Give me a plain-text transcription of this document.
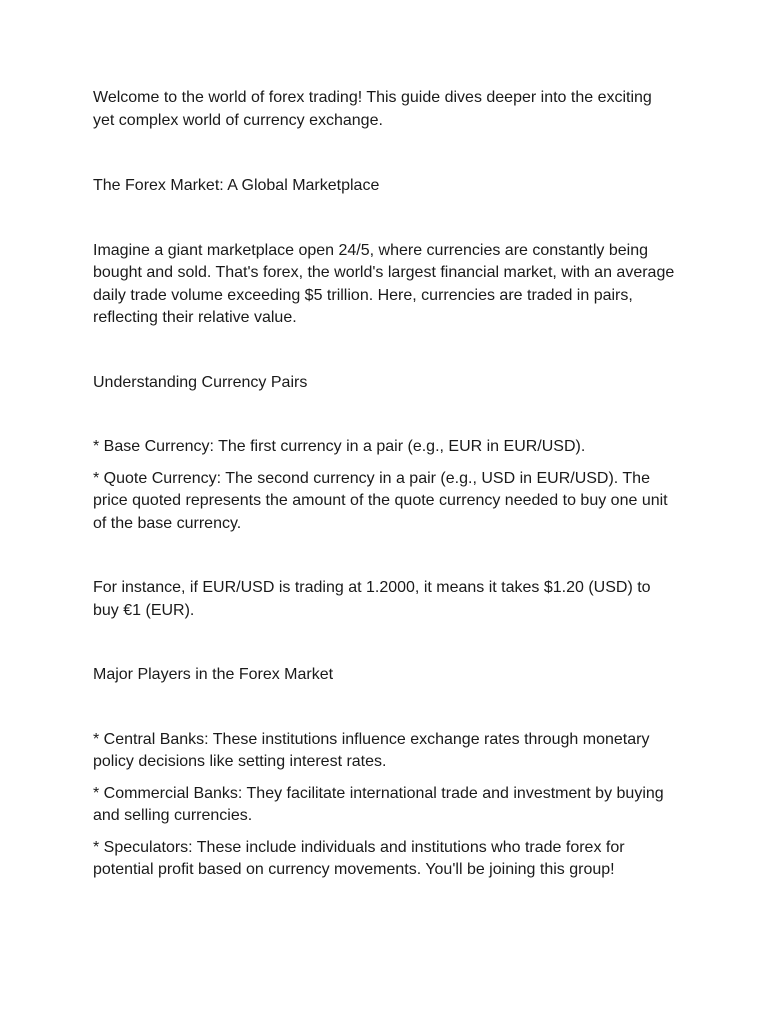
Welcome to the world of forex trading! This guide dives deeper into the exciting yet complex world of currency exchange.

The Forex Market: A Global Marketplace

Imagine a giant marketplace open 24/5, where currencies are constantly being bought and sold. That's forex, the world's largest financial market, with an average daily trade volume exceeding $5 trillion. Here, currencies are traded in pairs, reflecting their relative value.

Understanding Currency Pairs

* Base Currency: The first currency in a pair (e.g., EUR in EUR/USD).

* Quote Currency: The second currency in a pair (e.g., USD in EUR/USD). The price quoted represents the amount of the quote currency needed to buy one unit of the base currency.

For instance, if EUR/USD is trading at 1.2000, it means it takes $1.20 (USD) to buy €1 (EUR).

Major Players in the Forex Market

* Central Banks: These institutions influence exchange rates through monetary policy decisions like setting interest rates.

* Commercial Banks: They facilitate international trade and investment by buying and selling currencies.

* Speculators: These include individuals and institutions who trade forex for potential profit based on currency movements. You'll be joining this group!
